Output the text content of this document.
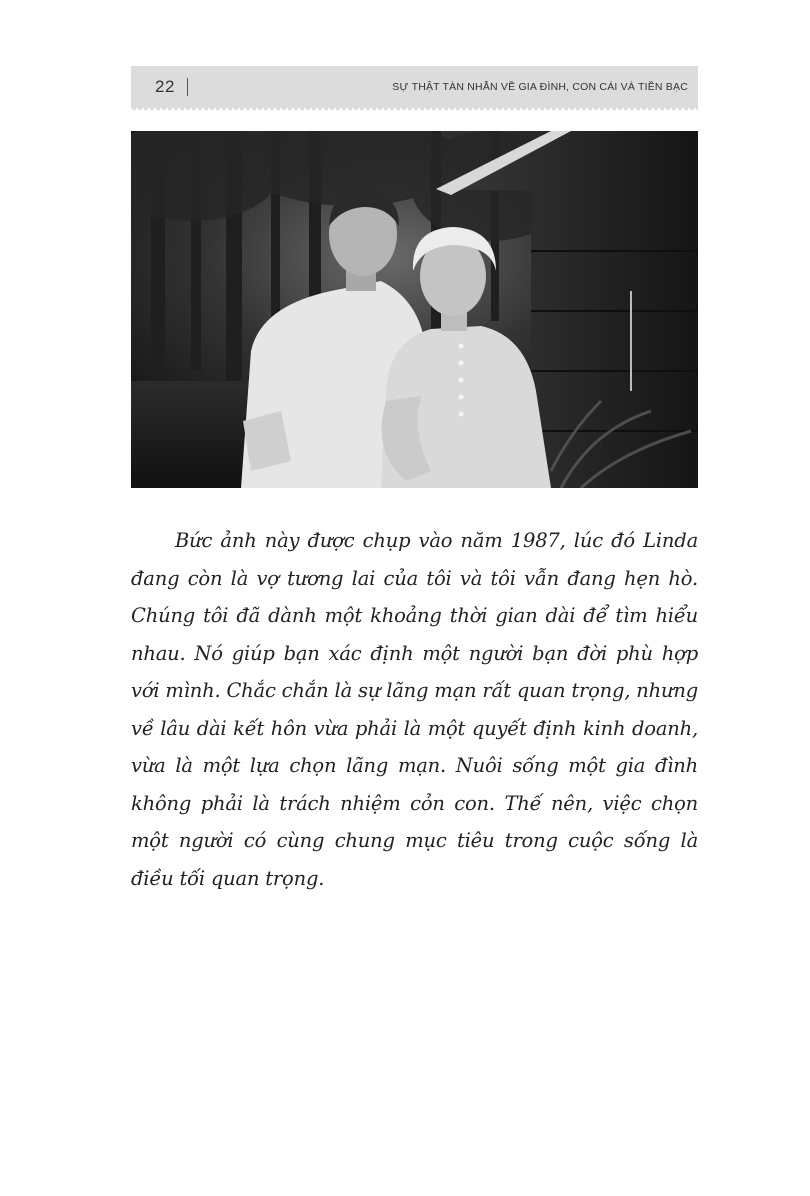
22	SỰ THẬT TÀN NHẪN VỀ GIA ĐÌNH, CON CÁI VÀ TIỀN BẠC

Bức ảnh này được chụp vào năm 1987, lúc đó Linda đang còn là vợ tương lai của tôi và tôi vẫn đang hẹn hò. Chúng tôi đã dành một khoảng thời gian dài để tìm hiểu nhau. Nó giúp bạn xác định một người bạn đời phù hợp với mình. Chắc chắn là sự lãng mạn rất quan trọng, nhưng về lâu dài kết hôn vừa phải là một quyết định kinh doanh, vừa là một lựa chọn lãng mạn. Nuôi sống một gia đình không phải là trách nhiệm cỏn con. Thế nên, việc chọn một người có cùng chung mục tiêu trong cuộc sống là điều tối quan trọng.
